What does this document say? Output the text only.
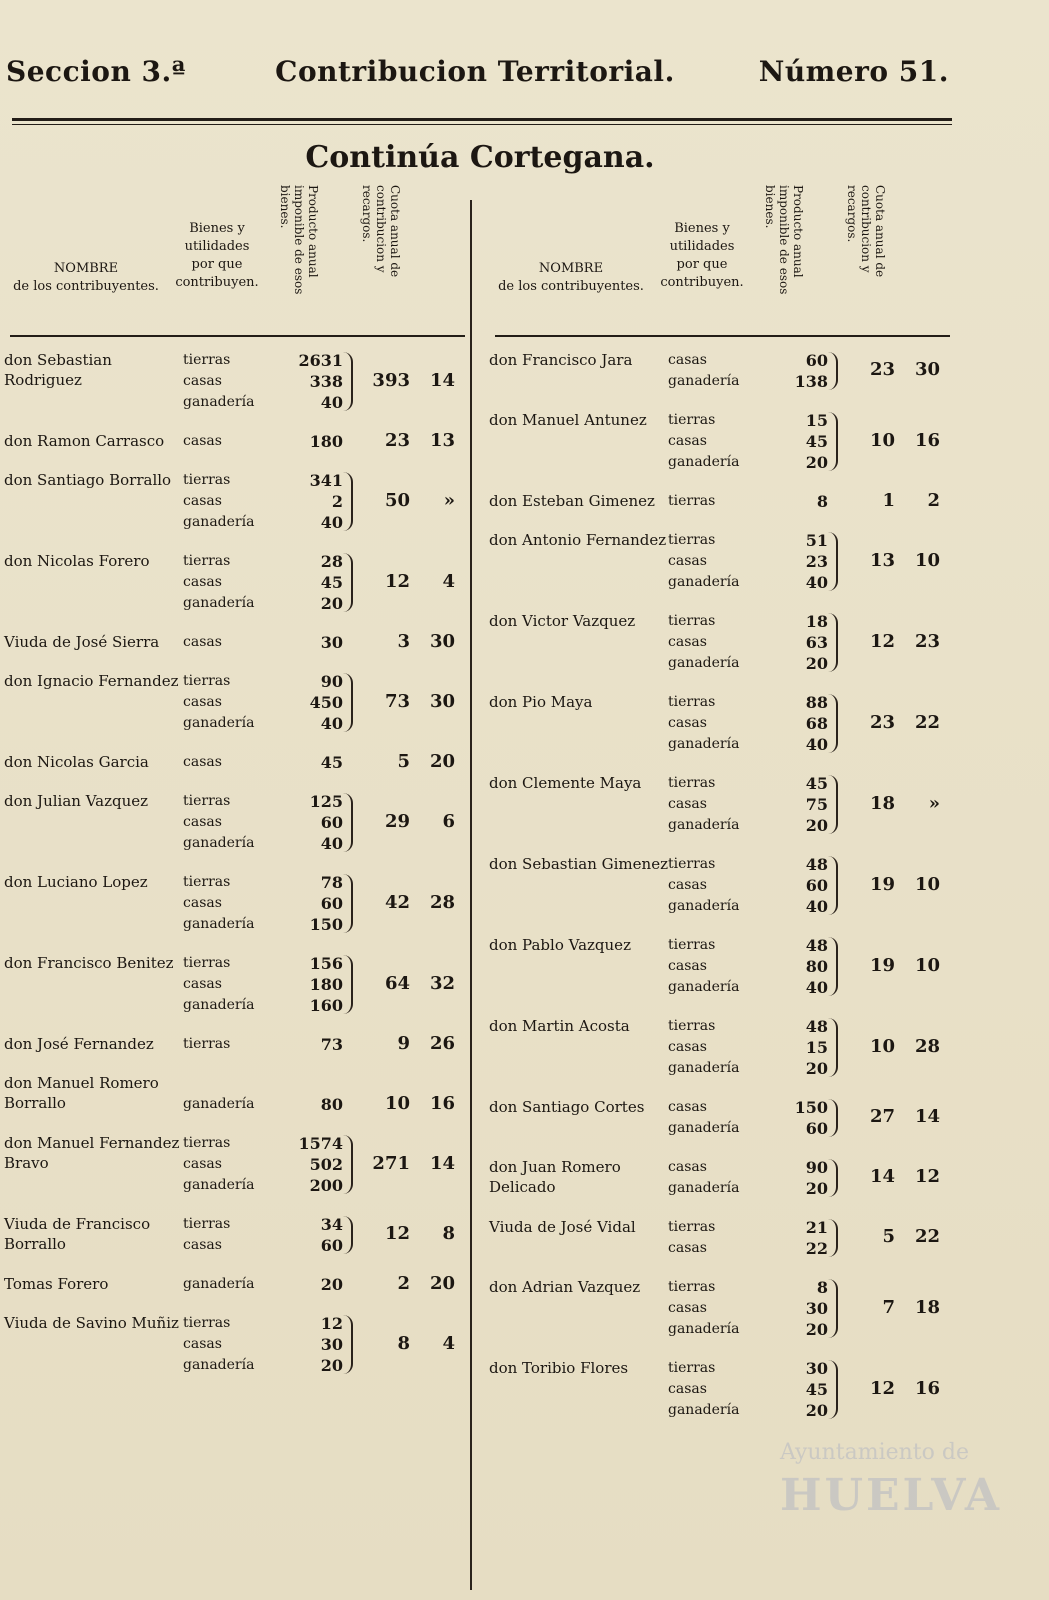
Seccion 3.ª	Contribucion Territorial.	Número 51.
Continúa Cortegana.
NOMBRE
de los contribuyentes.
Bienes y utilidades por que contribuyen.
Producto anual imponible de esos bienes.	Cuota anual de contribucion y recargos.
don Sebastian Rodriguez
tierras	2631
casas	338
ganadería	40
393	14
don Ramon Carrasco	casas	180	23	13
don Santiago Borrallo tierras	341
casas	2
ganadería	40
50	»
don Nicolas Forero	tierras	28
casas	45
ganadería	20
12	4
Viuda de José Sierra	casas	30	3	30
don Ignacio Fernandez tierras	90
casas	450
ganadería	40
73	30
don Nicolas Garcia	casas	45	5	20
don Julian Vazquez	tierras	125
casas	60
ganadería	40
29	6
don Luciano Lopez	tierras	78
casas	60
ganadería	150
42	28
don Francisco Benitez tierras	156
casas	180
ganadería	160
64	32
don José Fernandez	tierras	73	9	26
don Manuel Romero Borrallo	ganadería	80	10	16
don Manuel Fernandez Bravo
tierras	1574
casas	502
ganadería	200
271	14
Viuda de Francisco Borrallo
tierras	34
casas	60
12	8
Tomas Forero	ganadería	20	2	20
Viuda de Savino Muñiz tierras	12
casas	30
ganadería	20
8	4
NOMBRE
de los contribuyentes.
Bienes y utilidades por que contribuyen.
Producto anual imponible de esos bienes.	Cuota anual de contribucion y recargos.
don Francisco Jara	casas	60
ganadería	138
23	30
don Manuel Antunez	tierras	15
casas	45
ganadería	20
10	16
don Esteban Gimenez tierras	8	1	2
don Antonio Fernandez tierras	51
casas	23
ganadería	40
13	10
don Victor Vazquez	tierras	18
casas	63
ganadería	20
12	23
don Pio Maya	tierras	88
casas	68
ganadería	40
23	22
don Clemente Maya	tierras	45
casas	75
ganadería	20
18	»
don Sebastian Gimenez tierras	48
casas	60
ganadería	40
19	10
don Pablo Vazquez	tierras	48
casas	80
ganadería	40
19	10
don Martin Acosta	tierras	48
casas	15
ganadería	20
10	28
don Santiago Cortes	casas	150
ganadería	60
27	14
don Juan Romero Delicado
casas	90
ganadería	20
14	12
Viuda de José Vidal	tierras	21
casas	22
5	22
don Adrian Vazquez	tierras	8
casas	30
ganadería	20
7	18
don Toribio Flores	tierras	30
casas	45
ganadería	20
12	16
Ayuntamiento de
HUELVA
